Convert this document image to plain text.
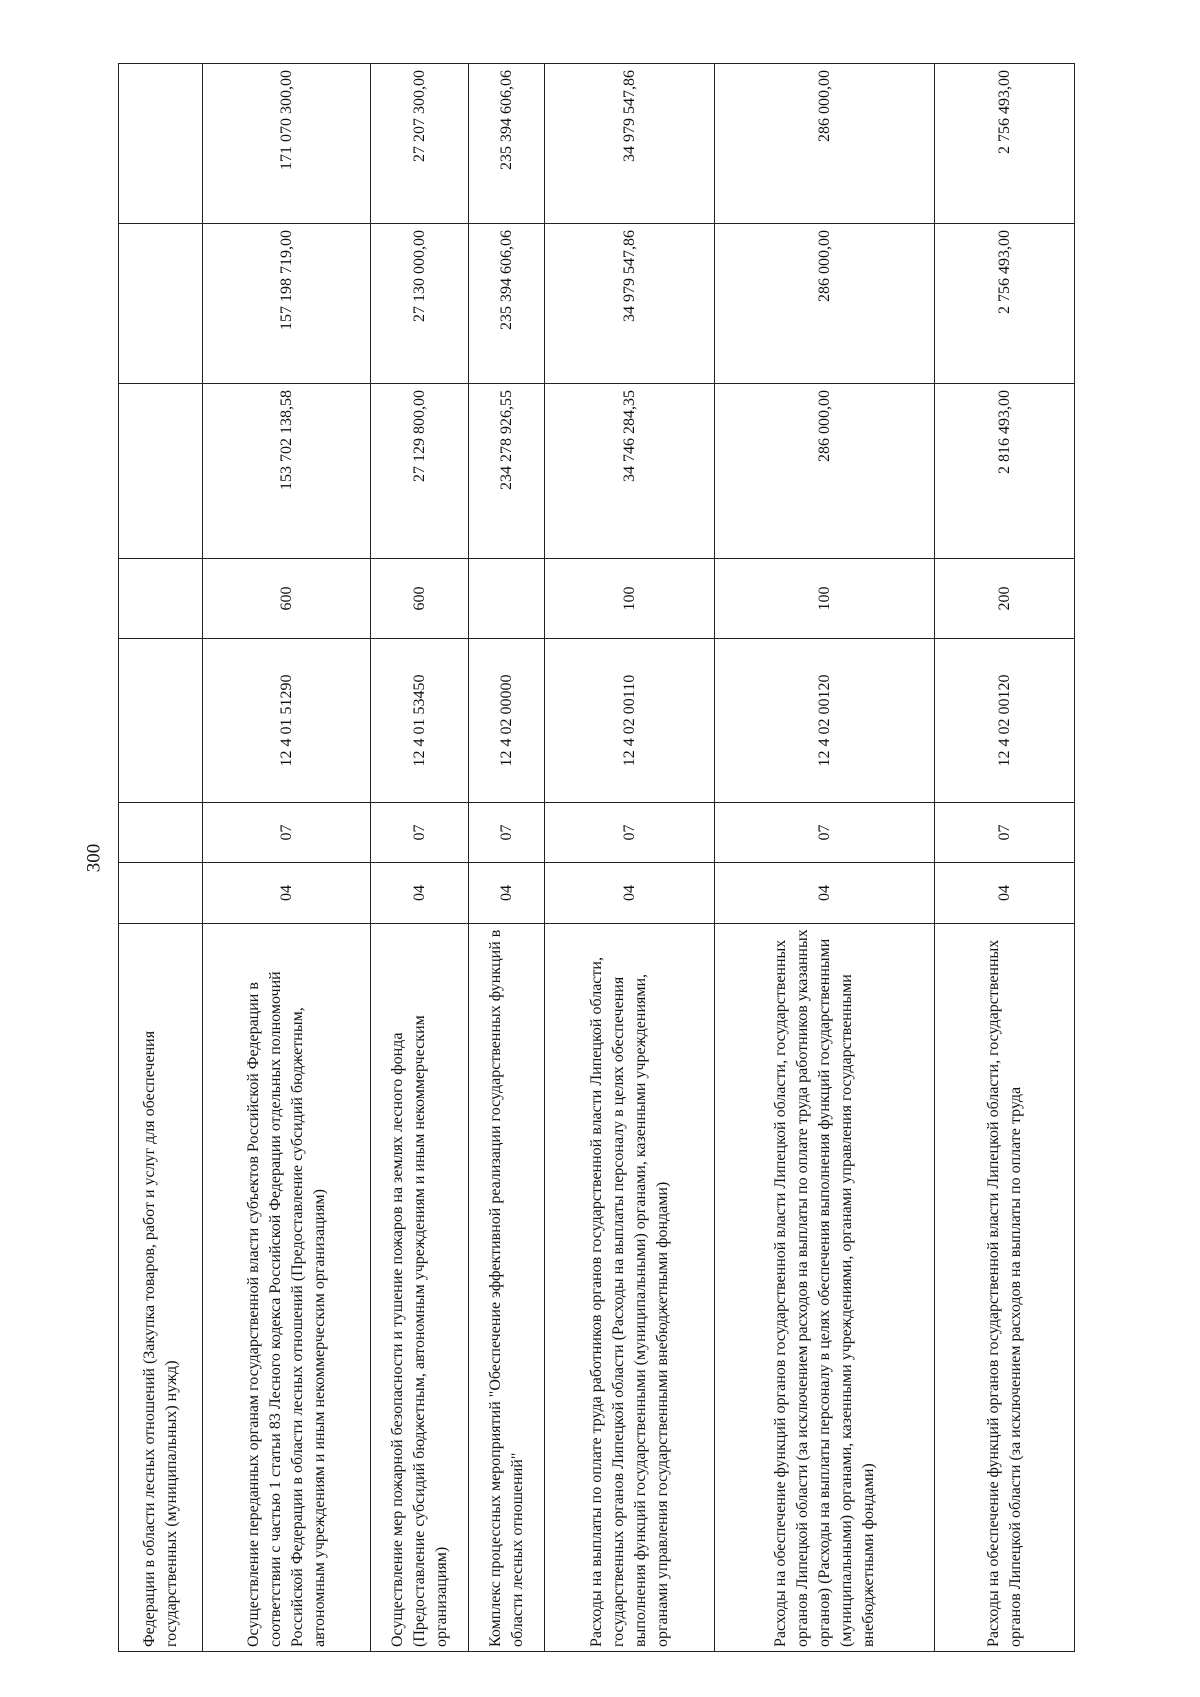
300
Федерации в области лесных отношений (Закупка товаров, работ и услуг для обеспечения государственных (муниципальных) нужд)							
Осуществление переданных органам государственной власти субъектов Российской Федерации в соответствии с частью 1 статьи 83 Лесного кодекса Российской Федерации отдельных полномочий Российской Федерации в области лесных отношений (Предоставление субсидий бюджетным, автономным учреждениям и иным некоммерческим организациям)	04	07	12 4 01 51290	600	153 702 138,58	157 198 719,00	171 070 300,00
Осуществление мер пожарной безопасности и тушение пожаров на землях лесного фонда (Предоставление субсидий бюджетным, автономным учреждениям и иным некоммерческим организациям)	04	07	12 4 01 53450	600	27 129 800,00	27 130 000,00	27 207 300,00
Комплекс процессных мероприятий "Обеспечение эффективной реализации государственных функций в области лесных отношений"	04	07	12 4 02 00000		234 278 926,55	235 394 606,06	235 394 606,06
Расходы на выплаты по оплате труда работников органов государственной власти Липецкой области, государственных органов Липецкой области (Расходы на выплаты персоналу в целях обеспечения выполнения функций государственными (муниципальными) органами, казенными учреждениями, органами управления государственными внебюджетными фондами)	04	07	12 4 02 00110	100	34 746 284,35	34 979 547,86	34 979 547,86
Расходы на обеспечение функций органов государственной власти Липецкой области, государственных органов Липецкой области (за исключением расходов на выплаты по оплате труда работников указанных органов) (Расходы на выплаты персоналу в целях обеспечения выполнения функций государственными (муниципальными) органами, казенными учреждениями, органами управления государственными внебюджетными фондами)	04	07	12 4 02 00120	100	286 000,00	286 000,00	286 000,00
Расходы на обеспечение функций органов государственной власти Липецкой области, государственных органов Липецкой области (за исключением расходов на выплаты по оплате труда	04	07	12 4 02 00120	200	2 816 493,00	2 756 493,00	2 756 493,00
